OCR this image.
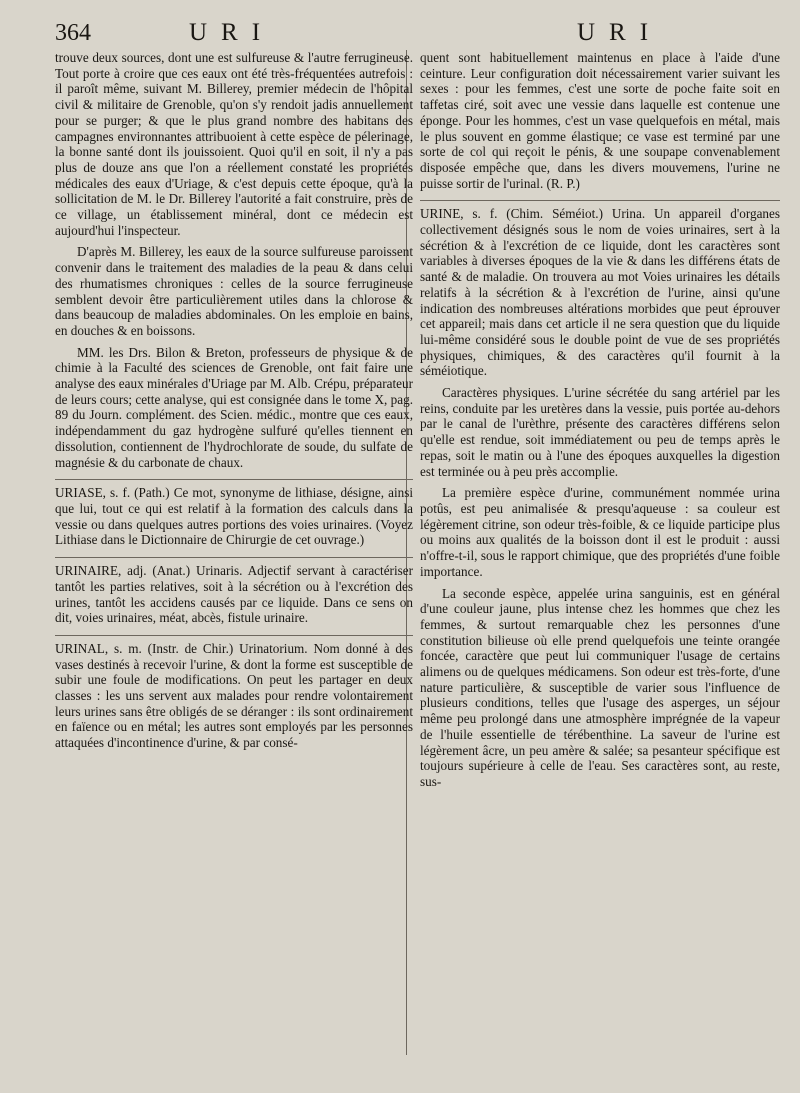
364	URI	URI

trouve deux sources, dont une est sulfureuse & l'autre ferrugineuse. Tout porte à croire que ces eaux ont été très-fréquentées autrefois : il paroît même, suivant M. Billerey, premier médecin de l'hôpital civil & militaire de Grenoble, qu'on s'y rendoit jadis annuellement pour se purger; & que le plus grand nombre des habitans des campagnes environnantes attribuoient à cette espèce de pélerinage, la bonne santé dont ils jouissoient. Quoi qu'il en soit, il n'y a pas plus de douze ans que l'on a réellement constaté les propriétés médicales des eaux d'Uriage, & c'est depuis cette époque, qu'à la sollicitation de M. le Dr. Billerey l'autorité a fait construire, près de ce village, un établissement minéral, dont ce médecin est aujourd'hui l'inspecteur.

D'après M. Billerey, les eaux de la source sulfureuse paroissent convenir dans le traitement des maladies de la peau & dans celui des rhumatismes chroniques : celles de la source ferrugineuse semblent devoir être particulièrement utiles dans la chlorose & dans beaucoup de maladies abdominales. On les emploie en bains, en douches & en boissons.

MM. les Drs. Bilon & Breton, professeurs de physique & de chimie à la Faculté des sciences de Grenoble, ont fait faire une analyse des eaux minérales d'Uriage par M. Alb. Crépu, préparateur de leurs cours; cette analyse, qui est consignée dans le tome X, pag. 89 du Journ. complément. des Scien. médic., montre que ces eaux, indépendamment du gaz hydrogène sulfuré qu'elles tiennent en dissolution, contiennent de l'hydrochlorate de soude, du sulfate de magnésie & du carbonate de chaux.

URIASE, s. f. (Path.) Ce mot, synonyme de lithiase, désigne, ainsi que lui, tout ce qui est relatif à la formation des calculs dans la vessie ou dans quelques autres portions des voies urinaires. (Voyez Lithiase dans le Dictionnaire de Chirurgie de cet ouvrage.)

URINAIRE, adj. (Anat.) Urinaris. Adjectif servant à caractériser tantôt les parties relatives, soit à la sécrétion ou à l'excrétion des urines, tantôt les accidens causés par ce liquide. Dans ce sens on dit, voies urinaires, méat, abcès, fistule urinaire.

URINAL, s. m. (Instr. de Chir.) Urinatorium. Nom donné à des vases destinés à recevoir l'urine, & dont la forme est susceptible de subir une foule de modifications. On peut les partager en deux classes : les uns servent aux malades pour rendre volontairement leurs urines sans être obligés de se déranger : ils sont ordinairement en faïence ou en métal; les autres sont employés par les personnes attaquées d'incontinence d'urine, & par consé-

quent sont habituellement maintenus en place à l'aide d'une ceinture. Leur configuration doit nécessairement varier suivant les sexes : pour les femmes, c'est une sorte de poche faite soit en taffetas ciré, soit avec une vessie dans laquelle est contenue une éponge. Pour les hommes, c'est un vase quelquefois en métal, mais le plus souvent en gomme élastique; ce vase est terminé par une sorte de col qui reçoit le pénis, & une soupape convenablement disposée empêche que, dans les divers mouvemens, l'urine ne puisse sortir de l'urinal. (R. P.)

URINE, s. f. (Chim. Séméiot.) Urina. Un appareil d'organes collectivement désignés sous le nom de voies urinaires, sert à la sécrétion & à l'excrétion de ce liquide, dont les caractères sont variables à diverses époques de la vie & dans les différens états de santé & de maladie. On trouvera au mot Voies urinaires les détails relatifs à la sécrétion & à l'excrétion de l'urine, ainsi qu'une indication des nombreuses altérations morbides que peut éprouver cet appareil; mais dans cet article il ne sera question que du liquide lui-même considéré sous le double point de vue de ses propriétés physiques, chimiques, & des caractères qu'il fournit à la séméiotique.

Caractères physiques. L'urine sécrétée du sang artériel par les reins, conduite par les uretères dans la vessie, puis portée au-dehors par le canal de l'urèthre, présente des caractères différens selon qu'elle est rendue, soit immédiatement ou peu de temps après le repas, soit le matin ou à l'une des époques auxquelles la digestion est terminée ou à peu près accomplie.

La première espèce d'urine, communément nommée urina potûs, est peu animalisée & presqu'aqueuse : sa couleur est légèrement citrine, son odeur très-foible, & ce liquide participe plus ou moins aux qualités de la boisson dont il est le produit : aussi n'offre-t-il, sous le rapport chimique, que des propriétés d'une foible importance.

La seconde espèce, appelée urina sanguinis, est en général d'une couleur jaune, plus intense chez les hommes que chez les femmes, & surtout remarquable chez les personnes d'une constitution bilieuse où elle prend quelquefois une teinte orangée foncée, caractère que peut lui communiquer l'usage de certains alimens ou de quelques médicamens. Son odeur est très-forte, d'une nature particulière, & susceptible de varier sous l'influence de plusieurs conditions, telles que l'usage des asperges, un séjour même peu prolongé dans une atmosphère imprégnée de la vapeur de l'huile essentielle de térébenthine. La saveur de l'urine est légèrement âcre, un peu amère & salée; sa pesanteur spécifique est toujours supérieure à celle de l'eau. Ses caractères sont, au reste, sus-
